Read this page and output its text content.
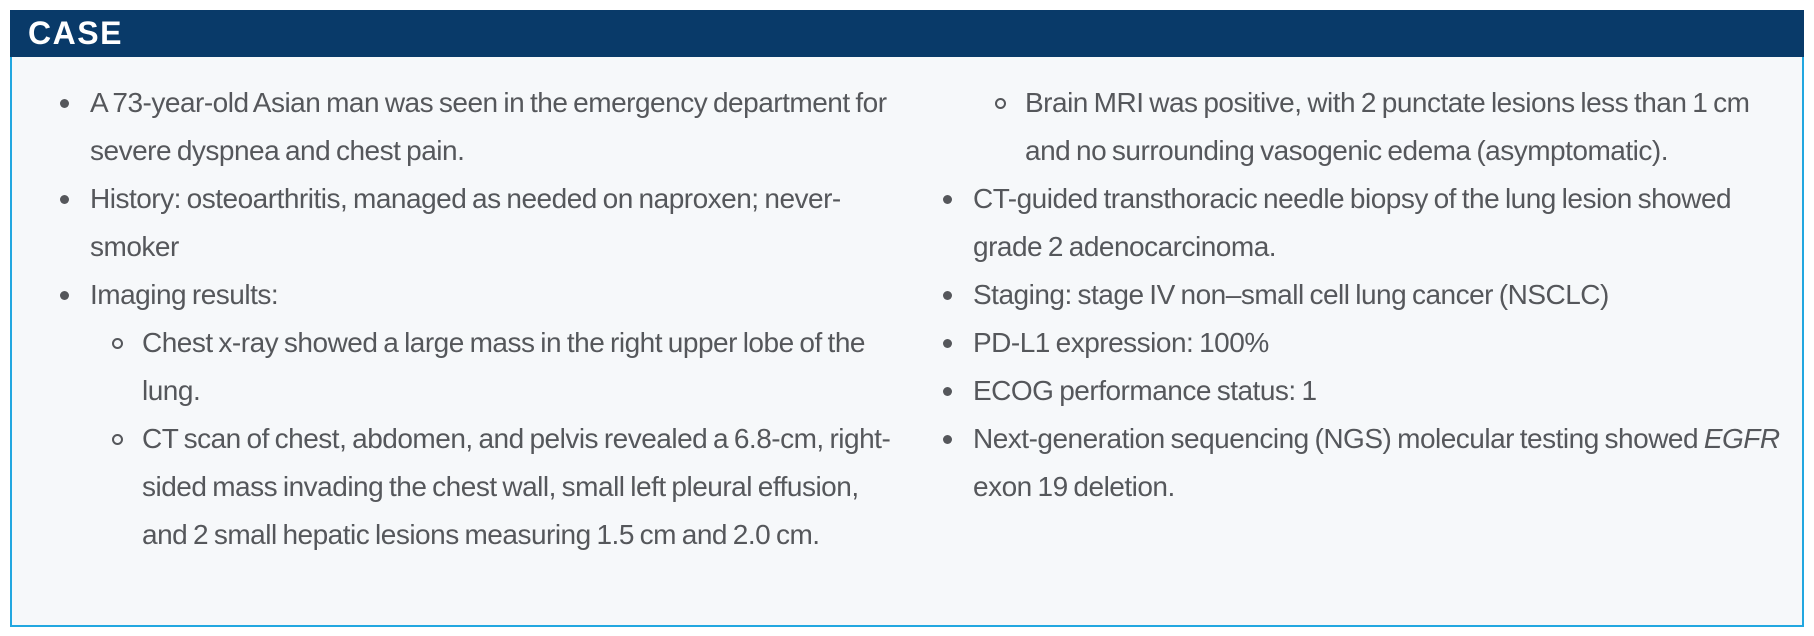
CASE
A 73-year-old Asian man was seen in the emergency department for severe dyspnea and chest pain.
History: osteoarthritis, managed as needed on naproxen; never-smoker
Imaging results:
Chest x-ray showed a large mass in the right upper lobe of the lung.
CT scan of chest, abdomen, and pelvis revealed a 6.8-cm, right-sided mass invading the chest wall, small left pleural effusion, and 2 small hepatic lesions measuring 1.5 cm and 2.0 cm.
Brain MRI was positive, with 2 punctate lesions less than 1 cm and no surrounding vasogenic edema (asymptomatic).
CT-guided transthoracic needle biopsy of the lung lesion showed grade 2 adenocarcinoma.
Staging: stage IV non–small cell lung cancer (NSCLC)
PD-L1 expression: 100%
ECOG performance status: 1
Next-generation sequencing (NGS) molecular testing showed EGFR exon 19 deletion.
